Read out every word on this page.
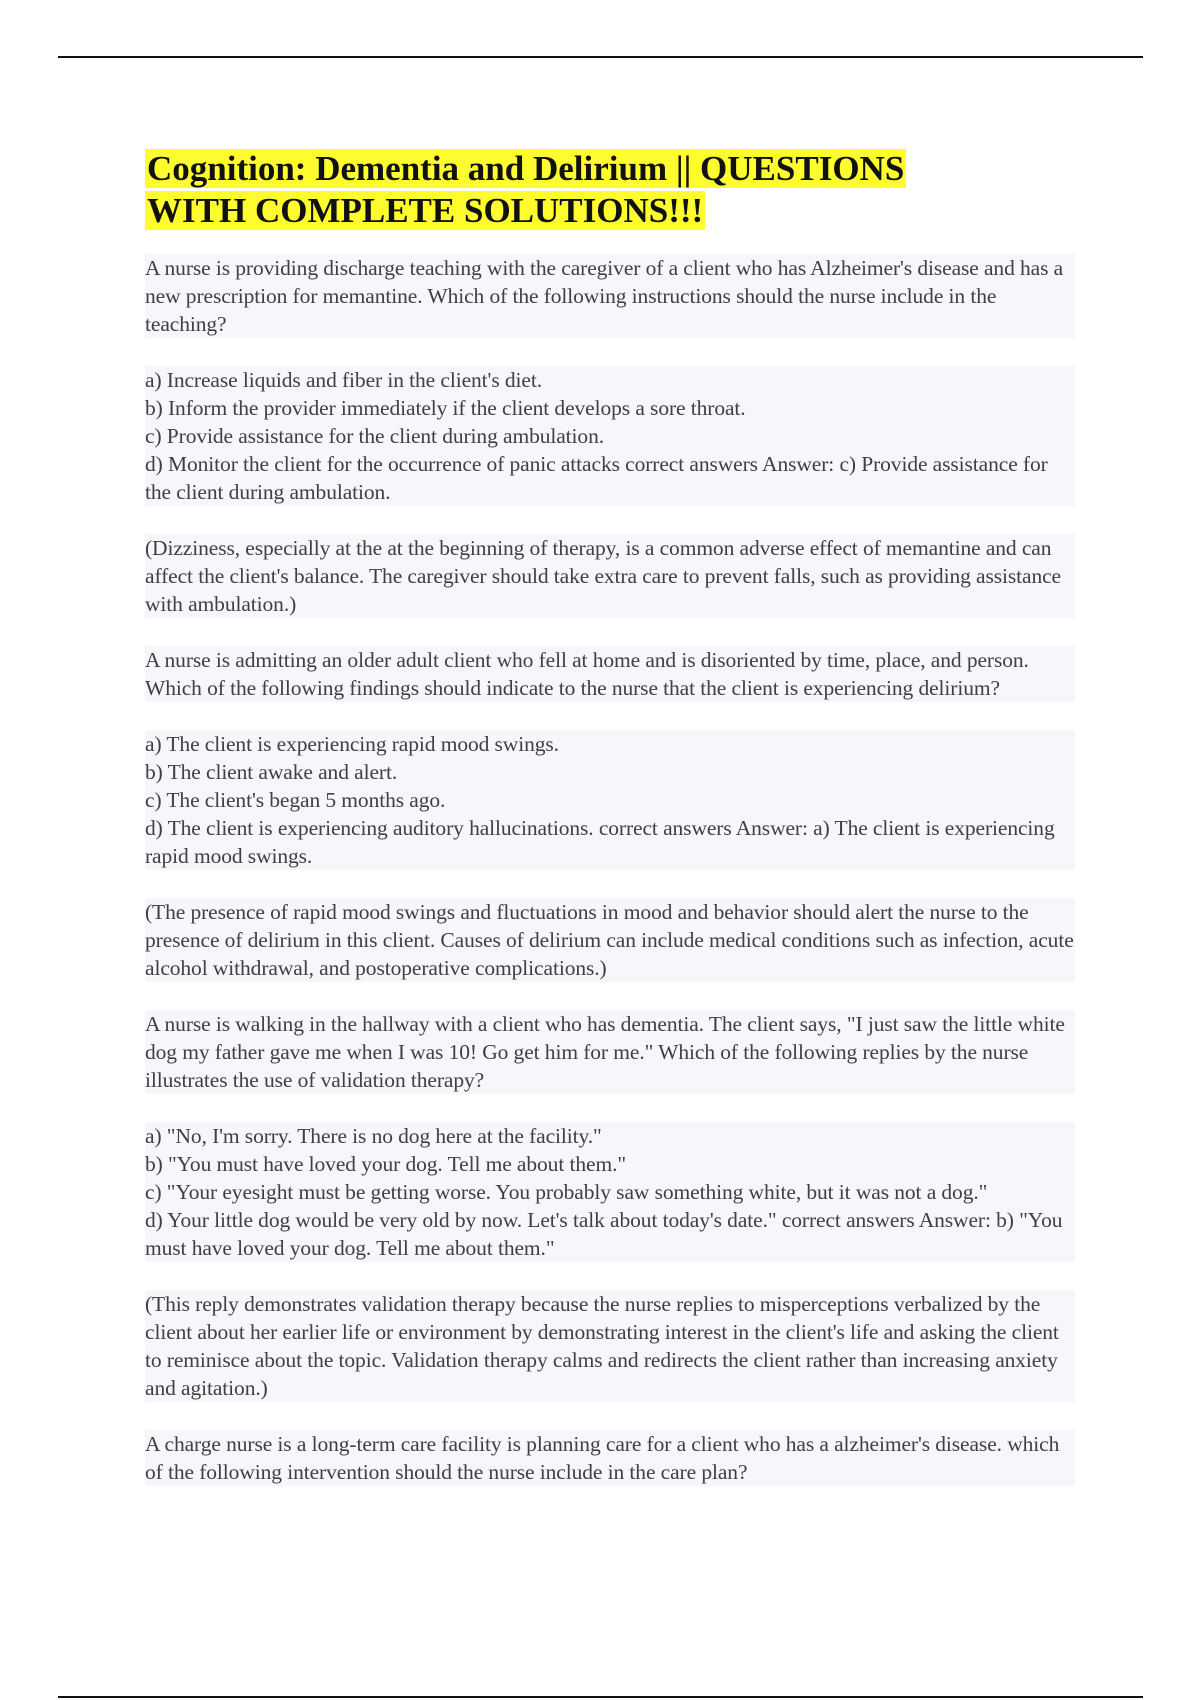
Cognition: Dementia and Delirium || QUESTIONS
WITH COMPLETE SOLUTIONS!!!
A nurse is providing discharge teaching with the caregiver of a client who has Alzheimer's disease and has a new prescription for memantine. Which of the following instructions should the nurse include in the teaching?
a) Increase liquids and fiber in the client's diet.
b) Inform the provider immediately if the client develops a sore throat.
c) Provide assistance for the client during ambulation.
d) Monitor the client for the occurrence of panic attacks correct answers Answer: c) Provide assistance for the client during ambulation.
(Dizziness, especially at the at the beginning of therapy, is a common adverse effect of memantine and can affect the client's balance. The caregiver should take extra care to prevent falls, such as providing assistance with ambulation.)
A nurse is admitting an older adult client who fell at home and is disoriented by time, place, and person. Which of the following findings should indicate to the nurse that the client is experiencing delirium?
a) The client is experiencing rapid mood swings.
b) The client awake and alert.
c) The client's began 5 months ago.
d) The client is experiencing auditory hallucinations. correct answers Answer: a) The client is experiencing rapid mood swings.
(The presence of rapid mood swings and fluctuations in mood and behavior should alert the nurse to the presence of delirium in this client. Causes of delirium can include medical conditions such as infection, acute alcohol withdrawal, and postoperative complications.)
A nurse is walking in the hallway with a client who has dementia. The client says, "I just saw the little white dog my father gave me when I was 10! Go get him for me." Which of the following replies by the nurse illustrates the use of validation therapy?
a) "No, I'm sorry. There is no dog here at the facility."
b) "You must have loved your dog. Tell me about them."
c) "Your eyesight must be getting worse. You probably saw something white, but it was not a dog."
d) Your little dog would be very old by now. Let's talk about today's date." correct answers Answer: b) "You must have loved your dog. Tell me about them."
(This reply demonstrates validation therapy because the nurse replies to misperceptions verbalized by the client about her earlier life or environment by demonstrating interest in the client's life and asking the client to reminisce about the topic. Validation therapy calms and redirects the client rather than increasing anxiety and agitation.)
A charge nurse is a long-term care facility is planning care for a client who has a alzheimer's disease. which of the following intervention should the nurse include in the care plan?
